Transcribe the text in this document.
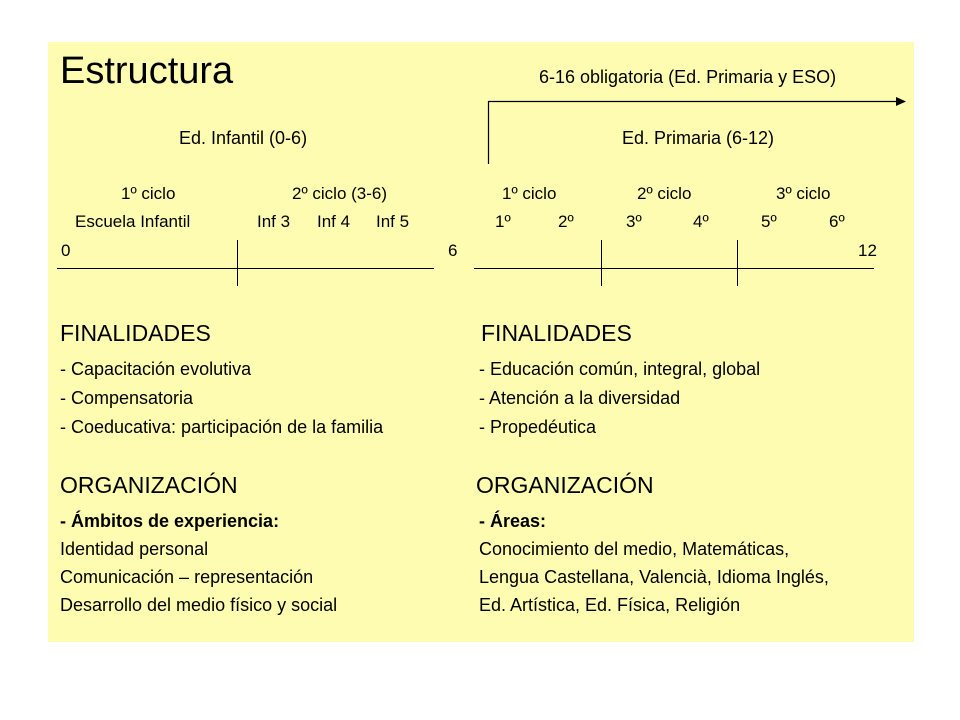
Estructura	6-16 obligatoria (Ed. Primaria y ESO)
Ed. Infantil (0-6)	Ed. Primaria (6-12)
1º ciclo	2º ciclo (3-6)	1º ciclo	2º ciclo	3º ciclo
Escuela Infantil	Inf 3 Inf 4 Inf 5	1º	2º	3º	4º	5º	6º
0	6	12
FINALIDADES	FINALIDADES
- Capacitación evolutiva
- Compensatoria
- Coeducativa: participación de la familia
- Educación común, integral, global
- Atención a la diversidad
- Propedéutica
ORGANIZACIÓN	ORGANIZACIÓN
- Ámbitos de experiencia:	- Áreas:
Identidad personal
Comunicación – representación
Desarrollo del medio físico y social
Conocimiento del medio, Matemáticas,
Lengua Castellana, Valencià, Idioma Inglés,
Ed. Artística, Ed. Física, Religión
